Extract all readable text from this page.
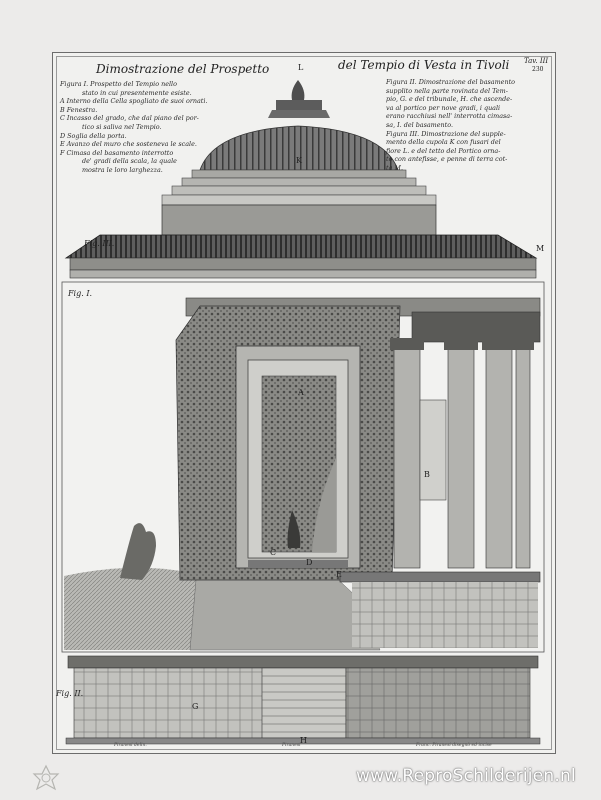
Dimostrazione del Prospetto	del Tempio di Vesta in Tivoli Tav. III
230
Figura I. Prospetto del Tempio nello
stato in cui presentemente esiste.
A Interno della Cella spogliato de suoi ornati.
B Fenestra.
C Incasso del grado, che dal piano del por-
tico si saliva nel Tempio.
D Soglia della porta.
E Avanzo del muro che sosteneva le scale.
F Cimasa del basamento interrotto
de' gradi della scala, la quale
mostra le loro larghezza.
Figura II. Dimostrazione del basamento
supplito nella parte rovinata del Tem-
pio, G. e del tribunale, H. che ascende-
va al portico per nove gradi, i quali
erano racchiusi nell' interrotta cimasa-
sa, I. del basamento.
Figura III. Dimostrazione del supple-
mento della cupola K con fusari del
fiore L. e del tetto del Portico orna-
to con antefisse, e penne di terra cot-
ta M.
Fig. III.
Fig. I.
Fig. II.
L
K
M
A
B
C
D
E
G
H
Piranesi delin.	Piranesi	Franc. Piranesi disegnò ed incise
www.ReproSchilderijen.nl
